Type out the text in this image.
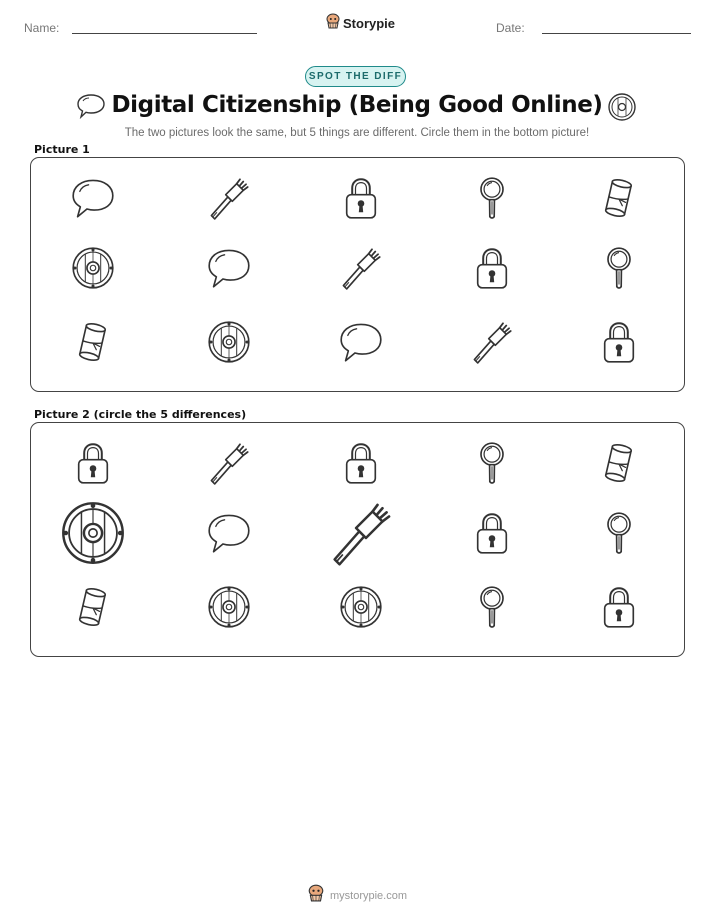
Name:	Storypie	Date:
SPOT THE DIFF
Digital Citizenship (Being Good Online)
The two pictures look the same, but 5 things are different. Circle them in the bottom picture!
Picture 1
Picture 2 (circle the 5 differences)
mystorypie.com
